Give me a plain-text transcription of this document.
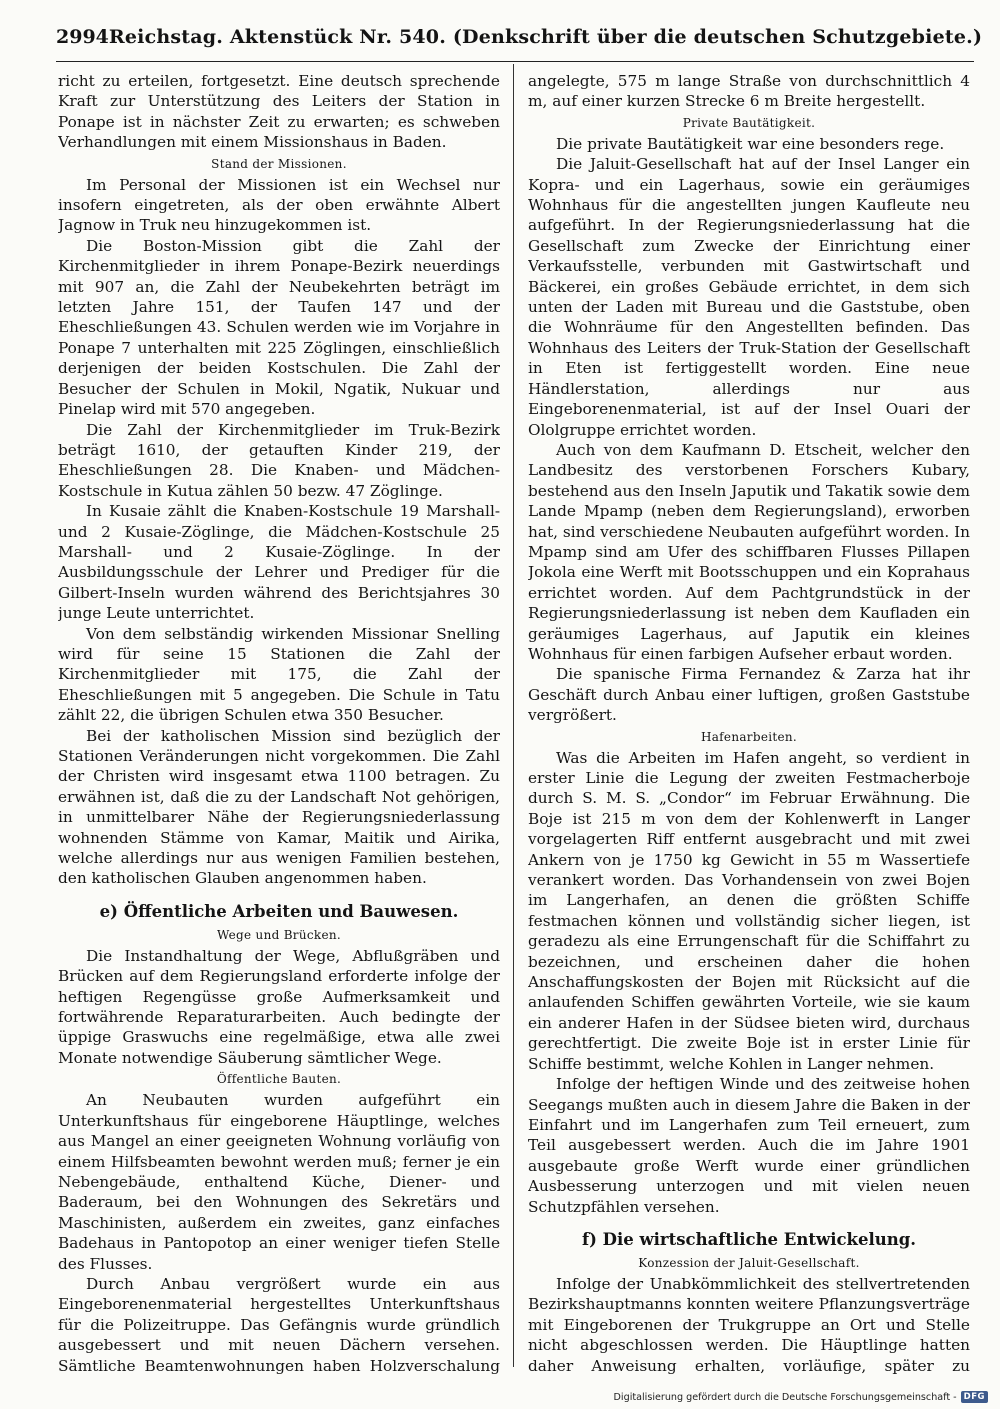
2994 Reichstag. Aktenstück Nr. 540. (Denkschrift über die deutschen Schutzgebiete.)

richt zu erteilen, fortgesetzt. Eine deutsch sprechende Kraft zur Unterstützung des Leiters der Station in Ponape ist in nächster Zeit zu erwarten; es schweben Verhandlungen mit einem Missionshaus in Baden.

Stand der Missionen.

Im Personal der Missionen ist ein Wechsel nur insofern eingetreten, als der oben erwähnte Albert Jagnow in Truk neu hinzugekommen ist.

Die Boston-Mission gibt die Zahl der Kirchenmitglieder in ihrem Ponape-Bezirk neuerdings mit 907 an, die Zahl der Neubekehrten beträgt im letzten Jahre 151, der Taufen 147 und der Eheschließungen 43. Schulen werden wie im Vorjahre in Ponape 7 unterhalten mit 225 Zöglingen, einschließlich derjenigen der beiden Kostschulen. Die Zahl der Besucher der Schulen in Mokil, Ngatik, Nukuar und Pinelap wird mit 570 angegeben.

Die Zahl der Kirchenmitglieder im Truk-Bezirk beträgt 1610, der getauften Kinder 219, der Eheschließungen 28. Die Knaben- und Mädchen-Kostschule in Kutua zählen 50 bezw. 47 Zöglinge.

In Kusaie zählt die Knaben-Kostschule 19 Marshall- und 2 Kusaie-Zöglinge, die Mädchen-Kostschule 25 Marshall- und 2 Kusaie-Zöglinge. In der Ausbildungsschule der Lehrer und Prediger für die Gilbert-Inseln wurden während des Berichtsjahres 30 junge Leute unterrichtet.

Von dem selbständig wirkenden Missionar Snelling wird für seine 15 Stationen die Zahl der Kirchenmitglieder mit 175, die Zahl der Eheschließungen mit 5 angegeben. Die Schule in Tatu zählt 22, die übrigen Schulen etwa 350 Besucher.

Bei der katholischen Mission sind bezüglich der Stationen Veränderungen nicht vorgekommen. Die Zahl der Christen wird insgesamt etwa 1100 betragen. Zu erwähnen ist, daß die zu der Landschaft Not gehörigen, in unmittelbarer Nähe der Regierungsniederlassung wohnenden Stämme von Kamar, Maitik und Airika, welche allerdings nur aus wenigen Familien bestehen, den katholischen Glauben angenommen haben.

e) Öffentliche Arbeiten und Bauwesen.
Wege und Brücken.

Die Instandhaltung der Wege, Abflußgräben und Brücken auf dem Regierungsland erforderte infolge der heftigen Regengüsse große Aufmerksamkeit und fortwährende Reparaturarbeiten. Auch bedingte der üppige Graswuchs eine regelmäßige, etwa alle zwei Monate notwendige Säuberung sämtlicher Wege.

Öffentliche Bauten.

An Neubauten wurden aufgeführt ein Unterkunftshaus für eingeborene Häuptlinge, welches aus Mangel an einer geeigneten Wohnung vorläufig von einem Hilfsbeamten bewohnt werden muß; ferner je ein Nebengebäude, enthaltend Küche, Diener- und Baderaum, bei den Wohnungen des Sekretärs und Maschinisten, außerdem ein zweites, ganz einfaches Badehaus in Pantopotop an einer weniger tiefen Stelle des Flusses.

Durch Anbau vergrößert wurde ein aus Eingeborenenmaterial hergestelltes Unterkunftshaus für die Polizeitruppe. Das Gefängnis wurde gründlich ausgebessert und mit neuen Dächern versehen. Sämtliche Beamtenwohnungen haben Holzverschalung

angelegte, 575 m lange Straße von durchschnittlich 4 m, auf einer kurzen Strecke 6 m Breite hergestellt.

Private Bautätigkeit.

Die private Bautätigkeit war eine besonders rege.

Die Jaluit-Gesellschaft hat auf der Insel Langer ein Kopra- und ein Lagerhaus, sowie ein geräumiges Wohnhaus für die angestellten jungen Kaufleute neu aufgeführt. In der Regierungsniederlassung hat die Gesellschaft zum Zwecke der Einrichtung einer Verkaufsstelle, verbunden mit Gastwirtschaft und Bäckerei, ein großes Gebäude errichtet, in dem sich unten der Laden mit Bureau und die Gaststube, oben die Wohnräume für den Angestellten befinden. Das Wohnhaus des Leiters der Truk-Station der Gesellschaft in Eten ist fertiggestellt worden. Eine neue Händlerstation, allerdings nur aus Eingeborenenmaterial, ist auf der Insel Ouari der Ololgruppe errichtet worden.

Auch von dem Kaufmann D. Etscheit, welcher den Landbesitz des verstorbenen Forschers Kubary, bestehend aus den Inseln Japutik und Takatik sowie dem Lande Mpamp (neben dem Regierungsland), erworben hat, sind verschiedene Neubauten aufgeführt worden. In Mpamp sind am Ufer des schiffbaren Flusses Pillapen Jokola eine Werft mit Bootsschuppen und ein Koprahaus errichtet worden. Auf dem Pachtgrundstück in der Regierungsniederlassung ist neben dem Kaufladen ein geräumiges Lagerhaus, auf Japutik ein kleines Wohnhaus für einen farbigen Aufseher erbaut worden.

Die spanische Firma Fernandez & Zarza hat ihr Geschäft durch Anbau einer luftigen, großen Gaststube vergrößert.

Hafenarbeiten.

Was die Arbeiten im Hafen angeht, so verdient in erster Linie die Legung der zweiten Festmacherboje durch S. M. S. „Condor“ im Februar Erwähnung. Die Boje ist 215 m von dem der Kohlenwerft in Langer vorgelagerten Riff entfernt ausgebracht und mit zwei Ankern von je 1750 kg Gewicht in 55 m Wassertiefe verankert worden. Das Vorhandensein von zwei Bojen im Langerhafen, an denen die größten Schiffe festmachen können und vollständig sicher liegen, ist geradezu als eine Errungenschaft für die Schiffahrt zu bezeichnen, und erscheinen daher die hohen Anschaffungskosten der Bojen mit Rücksicht auf die anlaufenden Schiffen gewährten Vorteile, wie sie kaum ein anderer Hafen in der Südsee bieten wird, durchaus gerechtfertigt. Die zweite Boje ist in erster Linie für Schiffe bestimmt, welche Kohlen in Langer nehmen.

Infolge der heftigen Winde und des zeitweise hohen Seegangs mußten auch in diesem Jahre die Baken in der Einfahrt und im Langerhafen zum Teil erneuert, zum Teil ausgebessert werden. Auch die im Jahre 1901 ausgebaute große Werft wurde einer gründlichen Ausbesserung unterzogen und mit vielen neuen Schutzpfählen versehen.

f) Die wirtschaftliche Entwickelung.
Konzession der Jaluit-Gesellschaft.

Infolge der Unabkömmlichkeit des stellvertretenden Bezirkshauptmanns konnten weitere Pflanzungsverträge mit Eingeborenen der Trukgruppe an Ort und Stelle nicht abgeschlossen werden. Die Häuptlinge hatten daher Anweisung erhalten, vorläufige, später zu

Digitalisierung gefördert durch die Deutsche Forschungsgemeinschaft - DFG
